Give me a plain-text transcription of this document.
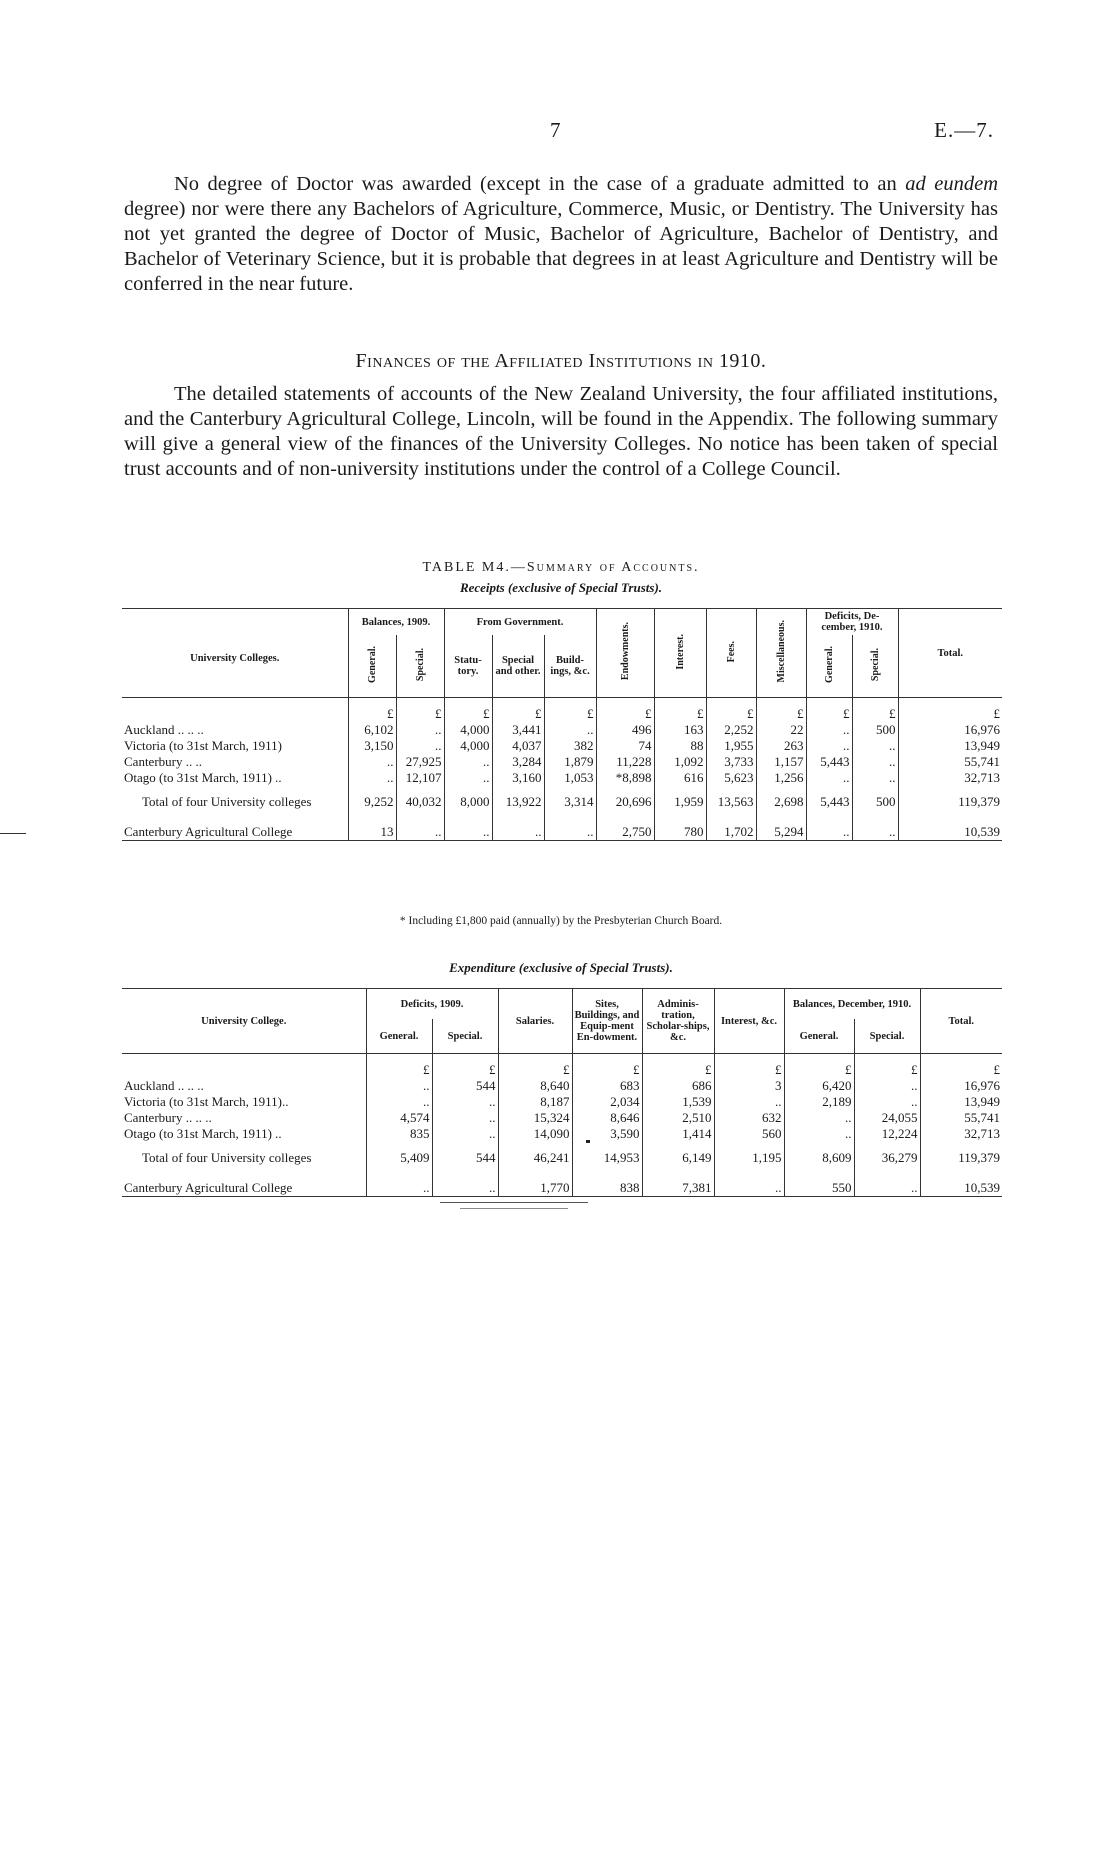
7	E.—7.
No degree of Doctor was awarded (except in the case of a graduate admitted to an ad eundem degree) nor were there any Bachelors of Agriculture, Commerce, Music, or Dentistry. The University has not yet granted the degree of Doctor of Music, Bachelor of Agriculture, Bachelor of Dentistry, and Bachelor of Veterinary Science, but it is probable that degrees in at least Agriculture and Dentistry will be conferred in the near future.
Finances of the Affiliated Institutions in 1910.
The detailed statements of accounts of the New Zealand University, the four affiliated institutions, and the Canterbury Agricultural College, Lincoln, will be found in the Appendix. The following summary will give a general view of the finances of the University Colleges. No notice has been taken of special trust accounts and of non-university institutions under the control of a College Council.
TABLE M4.—Summary of Accounts.
Receipts (exclusive of Special Trusts).
University Colleges.	Balances, 1909.		From Government.			Endowments.	Interest.	Fees.	Miscellaneous.	Deficits, De-cember, 1910.		Total.
	General.	Special.	Statu-tory.	Special and other.	Build-ings, &c.					General.	Special.	
	£	£	£	£	£	£	£	£	£	£	£	£
Auckland .. .. ..	6,102	..	4,000	3,441	..	496	163	2,252	22	..	500	16,976
Victoria (to 31st March, 1911)	3,150	..	4,000	4,037	382	74	88	1,955	263	..	..	13,949
Canterbury .. ..	..	27,925	..	3,284	1,879	11,228	1,092	3,733	1,157	5,443	..	55,741
Otago (to 31st March, 1911) ..	..	12,107	..	3,160	1,053	*8,898	616	5,623	1,256	..	..	32,713
Total of four University colleges	9,252	40,032	8,000	13,922	3,314	20,696	1,959	13,563	2,698	5,443	500	119,379
Canterbury Agricultural College	13	..	..	..	..	2,750	780	1,702	5,294	..	..	10,539
* Including £1,800 paid (annually) by the Presbyterian Church Board.
Expenditure (exclusive of Special Trusts).
University College.	Deficits, 1909.		Salaries.	Sites, Buildings, and Equip-ment En-dowment.	Adminis-tration, Scholar-ships, &c.	Interest, &c.	Balances, December, 1910.		Total.
	General.	Special.					General.	Special.	
	£	£	£	£	£	£	£	£	£
Auckland .. .. ..	..	544	8,640	683	686	3	6,420	..	16,976
Victoria (to 31st March, 1911)..	..	..	8,187	2,034	1,539	..	2,189	..	13,949
Canterbury .. .. ..	4,574	..	15,324	8,646	2,510	632	..	24,055	55,741
Otago (to 31st March, 1911) ..	835	..	14,090	3,590	1,414	560	..	12,224	32,713
Total of four University colleges	5,409	544	46,241	14,953	6,149	1,195	8,609	36,279	119,379
Canterbury Agricultural College	..	..	1,770	838	7,381	..	550	..	10,539
